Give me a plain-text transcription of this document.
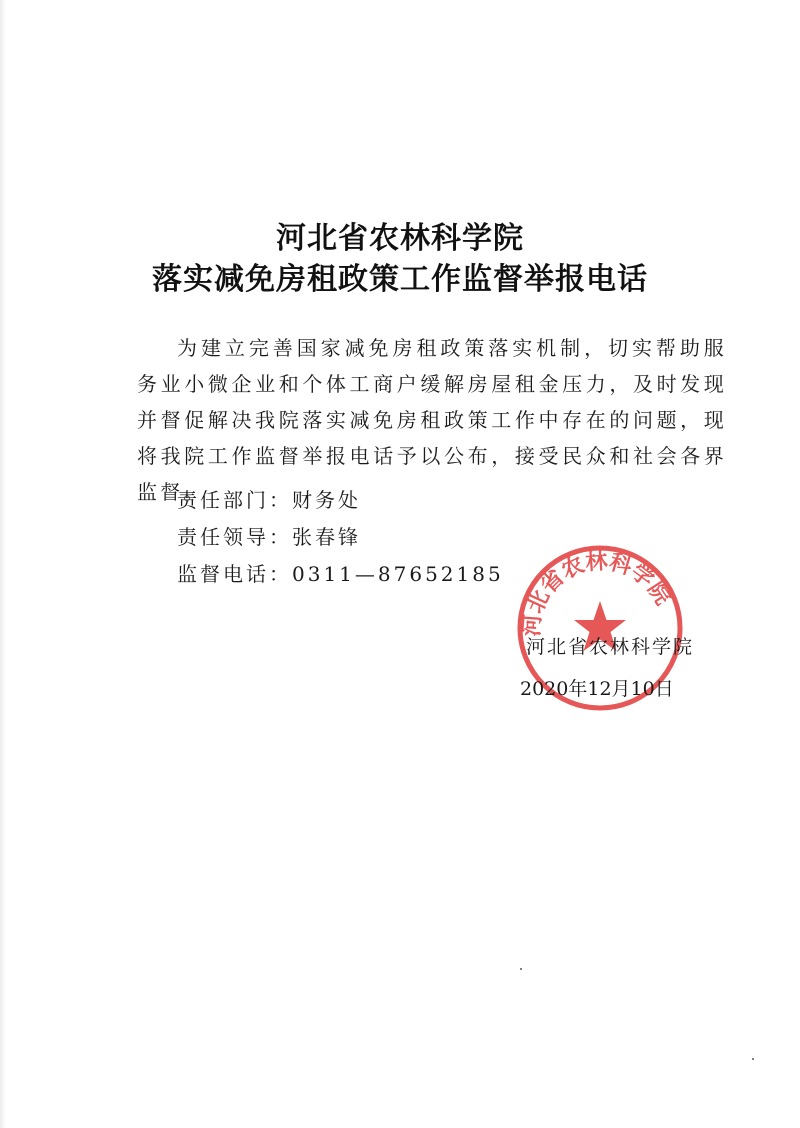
河北省农林科学院
落实减免房租政策工作监督举报电话

为建立完善国家减免房租政策落实机制，切实帮助服务业小微企业和个体工商户缓解房屋租金压力，及时发现并督促解决我院落实减免房租政策工作中存在的问题，现将我院工作监督举报电话予以公布，接受民众和社会各界监督。

责任部门：财务处

责任领导：张春锋

监督电话：0311—87652185

河北省农林科学院

河北省农林科学院

2020年12月10日
